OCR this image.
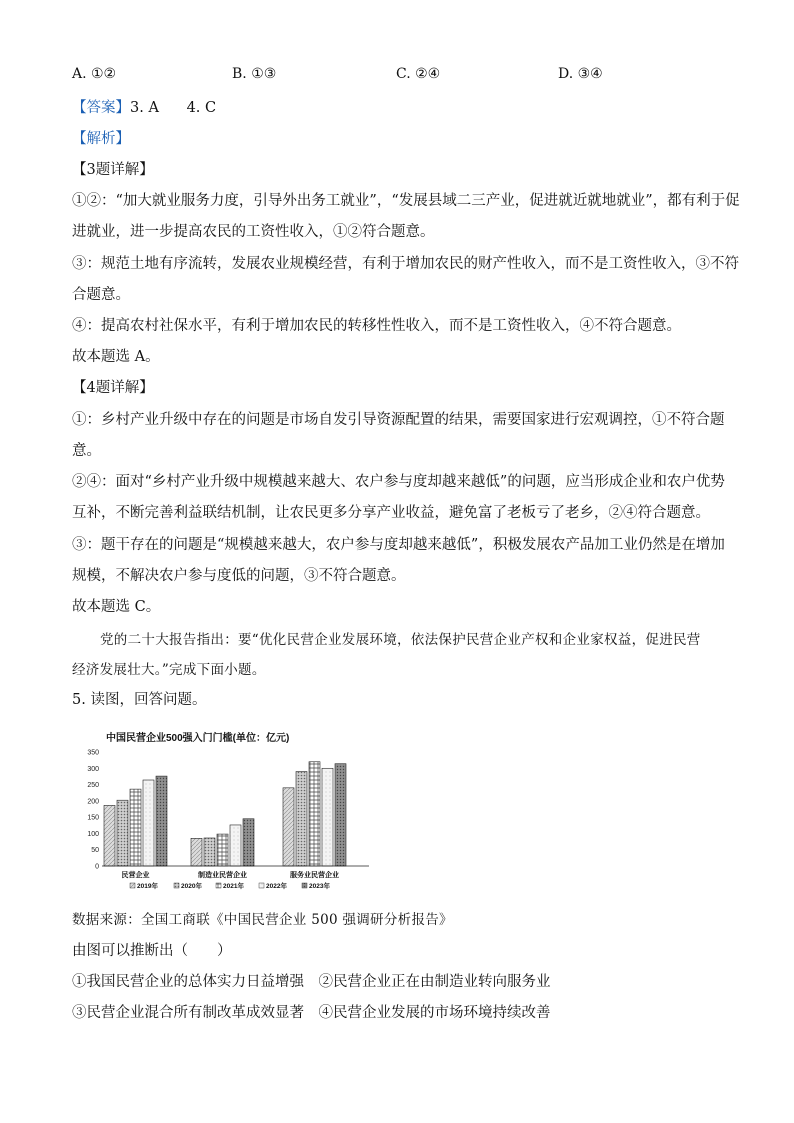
A. ①②	B. ①③	C. ②④	D. ③④
【答案】3. A      4. C
【解析】
【3题详解】
①②：“加大就业服务力度，引导外出务工就业”，“发展县域二三产业，促进就近就地就业”，都有利于促
进就业，进一步提高农民的工资性收入，①②符合题意。
③：规范土地有序流转，发展农业规模经营，有利于增加农民的财产性收入，而不是工资性收入，③不符
合题意。
④：提高农村社保水平，有利于增加农民的转移性性收入，而不是工资性收入，④不符合题意。
故本题选 A。
【4题详解】
①：乡村产业升级中存在的问题是市场自发引导资源配置的结果，需要国家进行宏观调控，①不符合题
意。
②④：面对“乡村产业升级中规模越来越大、农户参与度却越来越低”的问题，应当形成企业和农户优势
互补，不断完善利益联结机制，让农民更多分享产业收益，避免富了老板亏了老乡，②④符合题意。
③：题干存在的问题是“规模越来越大，农户参与度却越来越低”，积极发展农产品加工业仍然是在增加
规模，不解决农户参与度低的问题，③不符合题意。
故本题选 C。
党的二十大报告指出：要“优化民营企业发展环境，依法保护民营企业产权和企业家权益，促进民营
经济发展壮大。”完成下面小题。
5. 读图，回答问题。
中国民营企业500强入门门槛(单位：亿元)
0
50
100
150
200
250
300
350
民营企业	制造业民营企业	服务业民营企业
2019年	2020年	2021年	2022年	2023年
数据来源：全国工商联《中国民营企业 500 强调研分析报告》
由图可以推断出（　　）
①我国民营企业的总体实力日益增强　②民营企业正在由制造业转向服务业
③民营企业混合所有制改革成效显著　④民营企业发展的市场环境持续改善
